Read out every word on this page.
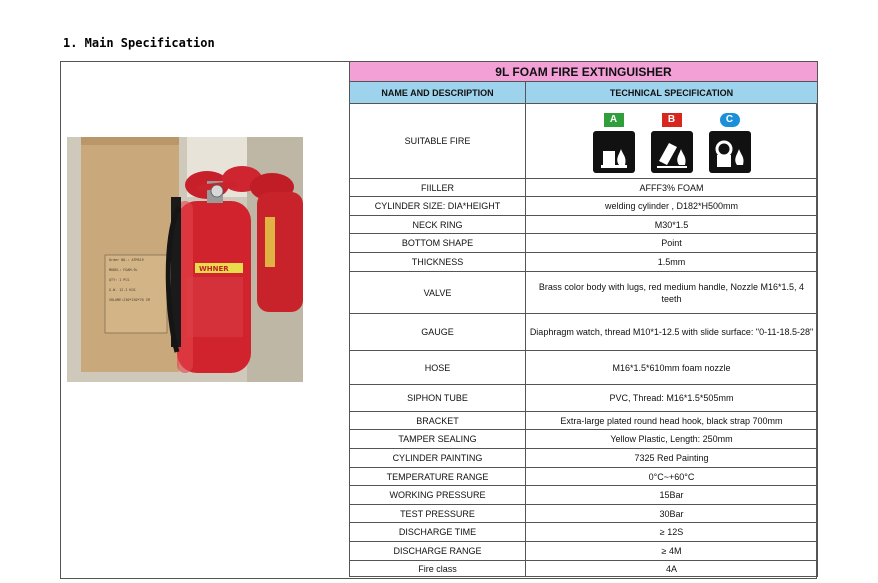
1. Main Specification
Order NO.: ATM519
MODEL: FOAM-9L
QTY: 1 PCS
G.W. 12.2 KGS
VOLUME:230*230*70 CM
WHNER
9L FOAM FIRE EXTINGUISHER	
NAME AND DESCRIPTION	TECHNICAL SPECIFICATION
SUITABLE FIRE	A B C

FIILLER	AFFF3% FOAM
CYLINDER SIZE: DIA*HEIGHT	welding cylinder , D182*H500mm
NECK RING	M30*1.5
BOTTOM SHAPE	Point
THICKNESS	1.5mm
VALVE	Brass color body with lugs, red medium handle, Nozzle M16*1.5, 4 teeth
GAUGE	Diaphragm watch, thread M10*1-12.5 with slide surface: "0-11-18.5-28"
HOSE	M16*1.5*610mm foam nozzle
SIPHON TUBE	PVC, Thread: M16*1.5*505mm
BRACKET	Extra-large plated round head hook, black strap 700mm
TAMPER SEALING	Yellow Plastic, Length: 250mm
CYLINDER PAINTING	7325 Red Painting
TEMPERATURE RANGE	0°C~+60°C
WORKING PRESSURE	15Bar
TEST PRESSURE	30Bar
DISCHARGE TIME	≥ 12S
DISCHARGE RANGE	≥ 4M
Fire class	4A
